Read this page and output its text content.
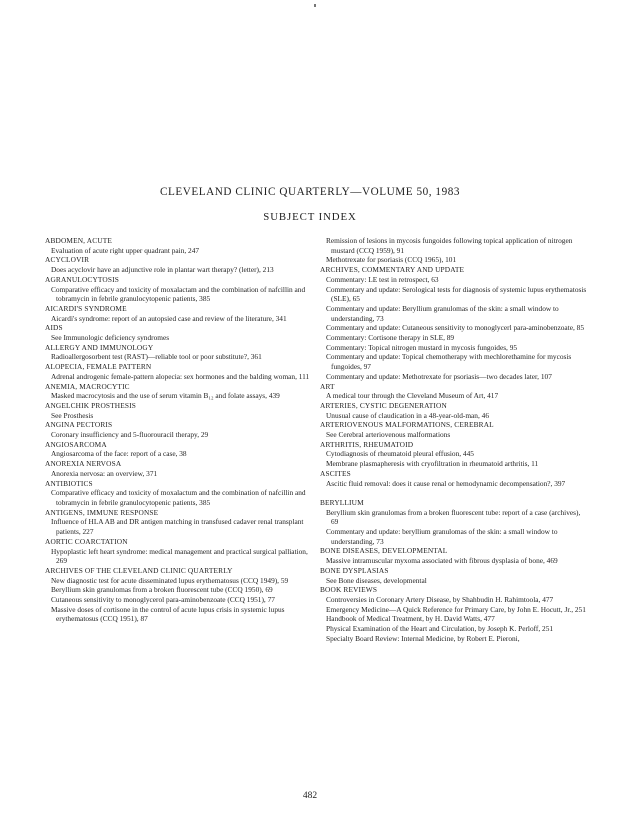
CLEVELAND CLINIC QUARTERLY—VOLUME 50, 1983
SUBJECT INDEX
ABDOMEN, ACUTE
Evaluation of acute right upper quadrant pain, 247
ACYCLOVIR
Does acyclovir have an adjunctive role in plantar wart therapy? (letter), 213
AGRANULOCYTOSIS
Comparative efficacy and toxicity of moxalactam and the combination of nafcillin and tobramycin in febrile granulocytopenic patients, 385
AICARDI'S SYNDROME
Aicardi's syndrome: report of an autopsied case and review of the literature, 341
AIDS
See Immunologic deficiency syndromes
ALLERGY AND IMMUNOLOGY
Radioallergosorbent test (RAST)—reliable tool or poor substitute?, 361
ALOPECIA, FEMALE PATTERN
Adrenal androgenic female-pattern alopecia: sex hormones and the balding woman, 111
ANEMIA, MACROCYTIC
Masked macrocytosis and the use of serum vitamin B₁₂ and folate assays, 439
ANGELCHIK PROSTHESIS
See Prosthesis
ANGINA PECTORIS
Coronary insufficiency and 5-fluorouracil therapy, 29
ANGIOSARCOMA
Angiosarcoma of the face: report of a case, 38
ANOREXIA NERVOSA
Anorexia nervosa: an overview, 371
ANTIBIOTICS
Comparative efficacy and toxicity of moxalactum and the combination of nafcillin and tobramycin in febrile granulocytopenic patients, 385
ANTIGENS, IMMUNE RESPONSE
Influence of HLA AB and DR antigen matching in transfused cadaver renal transplant patients, 227
AORTIC COARCTATION
Hypoplastic left heart syndrome: medical management and practical surgical palliation, 269
ARCHIVES OF THE CLEVELAND CLINIC QUARTERLY
New diagnostic test for acute disseminated lupus erythematosus (CCQ 1949), 59
Beryllium skin granulomas from a broken fluorescent tube (CCQ 1950), 69
Cutaneous sensitivity to monoglycerol para-aminobenzoate (CCQ 1951), 77
Massive doses of cortisone in the control of acute lupus crisis in systemic lupus erythematosus (CCQ 1951), 87
Remission of lesions in mycosis fungoides following topical application of nitrogen mustard (CCQ 1959), 91
Methotrexate for psoriasis (CCQ 1965), 101
ARCHIVES, COMMENTARY AND UPDATE
Commentary: LE test in retrospect, 63
Commentary and update: Serological tests for diagnosis of systemic lupus erythematosis (SLE), 65
Commentary and update: Beryllium granulomas of the skin: a small window to understanding, 73
Commentary and update: Cutaneous sensitivity to monoglycerl para-aminobenzoate, 85
Commentary: Cortisone therapy in SLE, 89
Commentary: Topical nitrogen mustard in mycosis fungoides, 95
Commentary and update: Topical chemotherapy with mechlorethamine for mycosis fungoides, 97
Commentary and update: Methotrexate for psoriasis—two decades later, 107
ART
A medical tour through the Cleveland Museum of Art, 417
ARTERIES, CYSTIC DEGENERATION
Unusual cause of claudication in a 48-year-old-man, 46
ARTERIOVENOUS MALFORMATIONS, CEREBRAL
See Cerebral arteriovenous malformations
ARTHRITIS, RHEUMATOID
Cytodiagnosis of rheumatoid pleural effusion, 445
Membrane plasmapheresis with cryofiltration in rheumatoid arthritis, 11
ASCITES
Ascitic fluid removal: does it cause renal or hemodynamic decompensation?, 397
BERYLLIUM
Beryllium skin granulomas from a broken fluorescent tube: report of a case (archives), 69
Commentary and update: beryllium granulomas of the skin: a small window to understanding, 73
BONE DISEASES, DEVELOPMENTAL
Massive intramuscular myxoma associated with fibrous dysplasia of bone, 469
BONE DYSPLASIAS
See Bone diseases, developmental
BOOK REVIEWS
Controversies in Coronary Artery Disease, by Shahbudin H. Rahimtoola, 477
Emergency Medicine—A Quick Reference for Primary Care, by John E. Hocutt, Jr., 251
Handbook of Medical Treatment, by H. David Watts, 477
Physical Examination of the Heart and Circulation, by Joseph K. Perloff, 251
Specialty Board Review: Internal Medicine, by Robert E. Pieroni,
482
